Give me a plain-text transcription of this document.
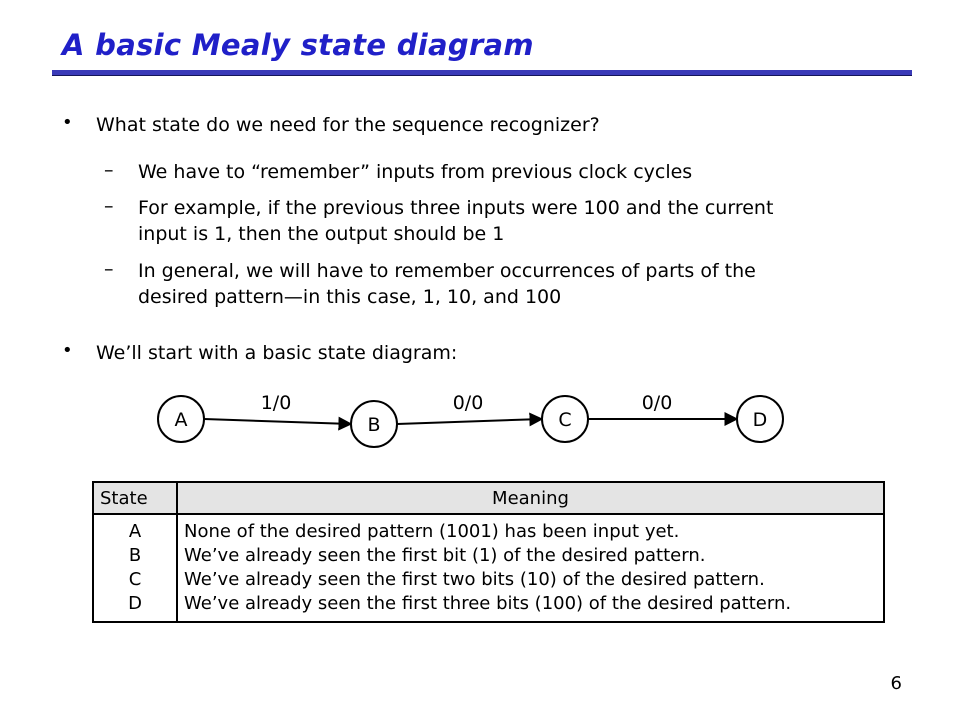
A basic Mealy state diagram
• What state do we need for the sequence recognizer?
– We have to “remember” inputs from previous clock cycles
– For example, if the previous three inputs were 100 and the current
input is 1, then the output should be 1
– In general, we will have to remember occurrences of parts of the
desired pattern—in this case, 1, 10, and 100
• We’ll start with a basic state diagram:
A	B	C	D
1/0	0/0	0/0
State	Meaning
A	None of the desired pattern (1001) has been input yet.
B	We’ve already seen the first bit (1) of the desired pattern.
C	We’ve already seen the first two bits (10) of the desired pattern.
D	We’ve already seen the first three bits (100) of the desired pattern.
6
